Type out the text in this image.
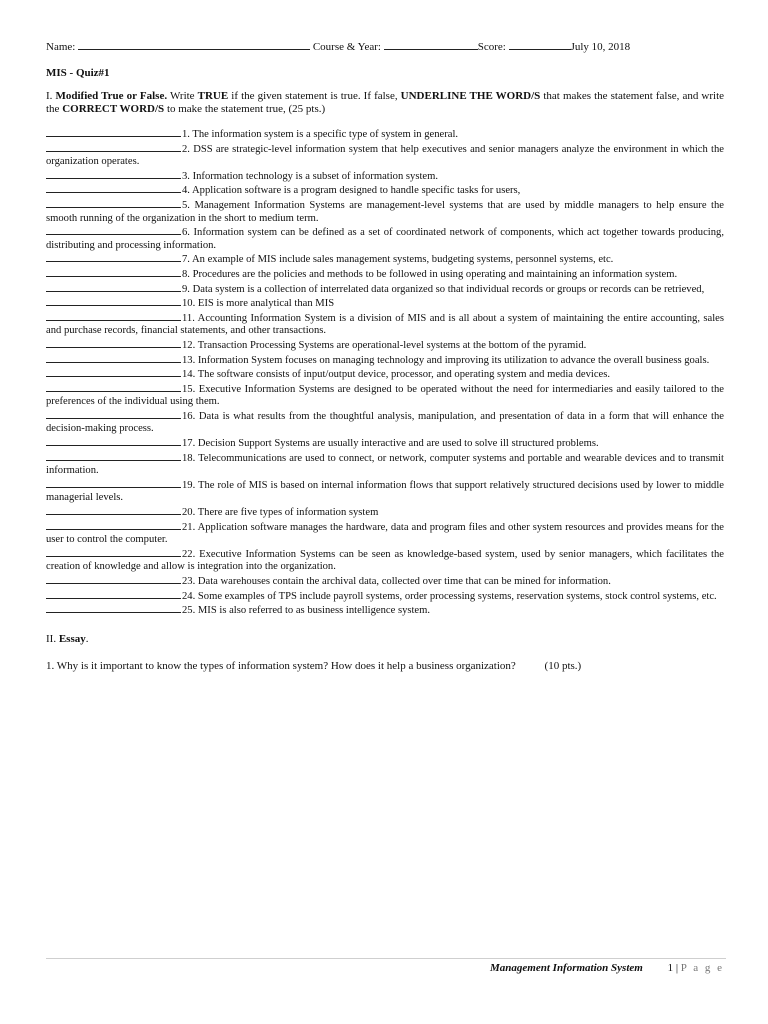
Name:	Course & Year:	Score:	July 10, 2018
MIS - Quiz#1
I. Modified True or False. Write TRUE if the given statement is true. If false, UNDERLINE THE WORD/S that makes the statement false, and write the CORRECT WORD/S to make the statement true, (25 pts.)
1. The information system is a specific type of system in general.
2. DSS are strategic-level information system that help executives and senior managers analyze the environment in which the organization operates.
3. Information technology is a subset of information system.
4. Application software is a program designed to handle specific tasks for users,
5. Management Information Systems are management-level systems that are used by middle managers to help ensure the smooth running of the organization in the short to medium term.
6. Information system can be defined as a set of coordinated network of components, which act together towards producing, distributing and processing information.
7. An example of MIS include sales management systems, budgeting systems, personnel systems, etc.
8. Procedures are the policies and methods to be followed in using operating and maintaining an information system.
9. Data system is a collection of interrelated data organized so that individual records or groups or records can be retrieved,
10. EIS is more analytical than MIS
11. Accounting Information System is a division of MIS and is all about a system of maintaining the entire accounting, sales and purchase records, financial statements, and other transactions.
12. Transaction Processing Systems are operational-level systems at the bottom of the pyramid.
13. Information System focuses on managing technology and improving its utilization to advance the overall business goals.
14. The software consists of input/output device, processor, and operating system and media devices.
15. Executive Information Systems are designed to be operated without the need for intermediaries and easily tailored to the preferences of the individual using them.
16. Data is what results from the thoughtful analysis, manipulation, and presentation of data in a form that will enhance the decision-making process.
17. Decision Support Systems are usually interactive and are used to solve ill structured problems.
18. Telecommunications are used to connect, or network, computer systems and portable and wearable devices and to transmit information.
19. The role of MIS is based on internal information flows that support relatively structured decisions used by lower to middle managerial levels.
20. There are five types of information system
21. Application software manages the hardware, data and program files and other system resources and provides means for the user to control the computer.
22. Executive Information Systems can be seen as knowledge-based system, used by senior managers, which facilitates the creation of knowledge and allow is integration into the organization.
23. Data warehouses contain the archival data, collected over time that can be mined for information.
24. Some examples of TPS include payroll systems, order processing systems, reservation systems, stock control systems, etc.
25. MIS is also referred to as business intelligence system.
II. Essay.
1. Why is it important to know the types of information system? How does it help a business organization?	(10 pts.)
Management Information System 1 | P a g e
